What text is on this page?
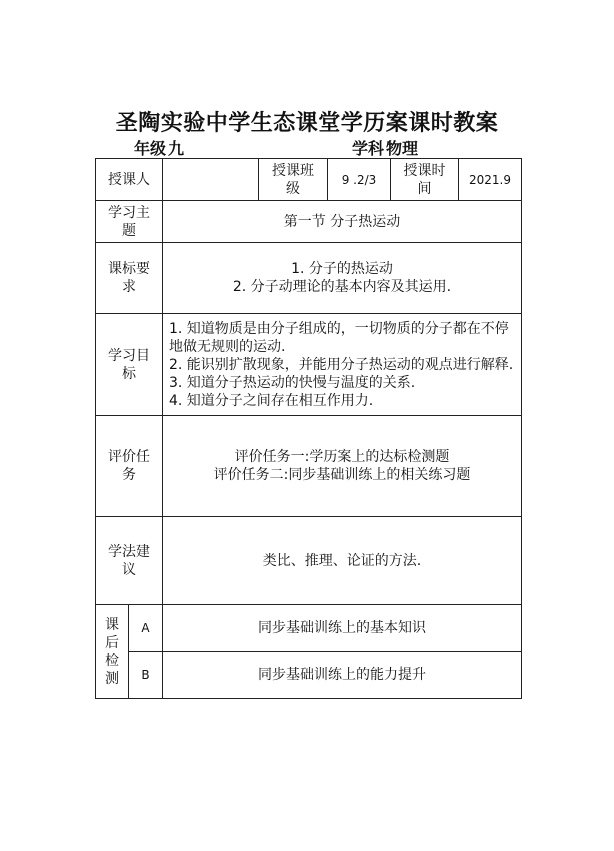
圣陶实验中学生态课堂学历案课时教案
年级 九	学科 物理
授课人			授课班级	9 .2/3	授课时间	2021.9

学习主题		第一节 分子热运动				

课标要求		1. 分子的热运动
2. 分子动理论的基本内容及其运用.				

学习目标		1. 知道物质是由分子组成的，一切物质的分子都在不停地做无规则的运动.
2. 能识别扩散现象，并能用分子热运动的观点进行解释.
3. 知道分子热运动的快慢与温度的关系.
4. 知道分子之间存在相互作用力.				

评价任务		评价任务一:学历案上的达标检测题
评价任务二:同步基础训练上的相关练习题				

学法建议		类比、推理、论证的方法.				

课后检测	A	同步基础训练上的基本知识				
	B	同步基础训练上的能力提升				
